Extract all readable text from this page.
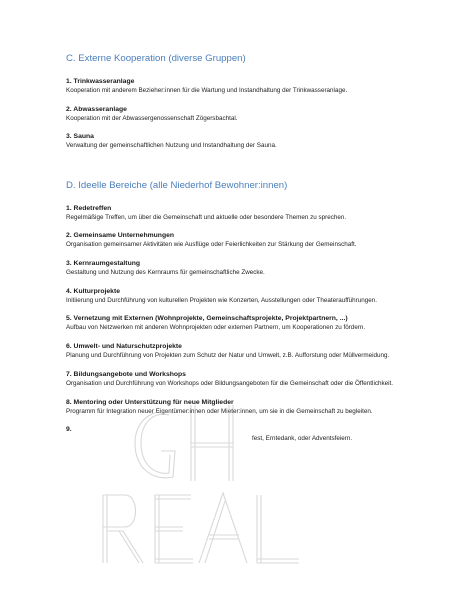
C. Externe Kooperation (diverse Gruppen)

1. Trinkwasseranlage

Kooperation mit anderem Bezieher:innen für die Wartung und Instandhaltung der Trinkwasseranlage.

2. Abwasseranlage

Kooperation mit der Abwassergenossenschaft Zögersbachtal.

3. Sauna

Verwaltung der gemeinschaftlichen Nutzung und Instandhaltung der Sauna.

D. Ideelle Bereiche (alle Niederhof Bewohner:innen)

1. Redetreffen

Regelmäßige Treffen, um über die Gemeinschaft und aktuelle oder besondere Themen zu sprechen.

2. Gemeinsame Unternehmungen

Organisation gemeinsamer Aktivitäten wie Ausflüge oder Feierlichkeiten zur Stärkung der Gemeinschaft.

3. Kernraumgestaltung

Gestaltung und Nutzung des Kernraums für gemeinschaftliche Zwecke.

4. Kulturprojekte

Initiierung und Durchführung von kulturellen Projekten wie Konzerten, Ausstellungen oder Theateraufführungen.

5. Vernetzung mit Externen (Wohnprojekte, Gemeinschaftsprojekte, Projektpartnern, ...)

Aufbau von Netzwerken mit anderen Wohnprojekten oder externen Partnern, um Kooperationen zu fördern.

6. Umwelt- und Naturschutzprojekte

Planung und Durchführung von Projekten zum Schutz der Natur und Umwelt, z.B. Aufforstung oder Müllvermeidung.

7. Bildungsangebote und Workshops

Organisation und Durchführung von Workshops oder Bildungsangeboten für die Gemeinschaft oder die Öffentlichkeit.

8. Mentoring oder Unterstützung für neue Mitglieder

Programm für Integration neuer Eigentümer:innen oder Mieter:innen, um sie in die Gemeinschaft zu begleiten.

9.

fest, Erntedank, oder Adventsfeiern.
